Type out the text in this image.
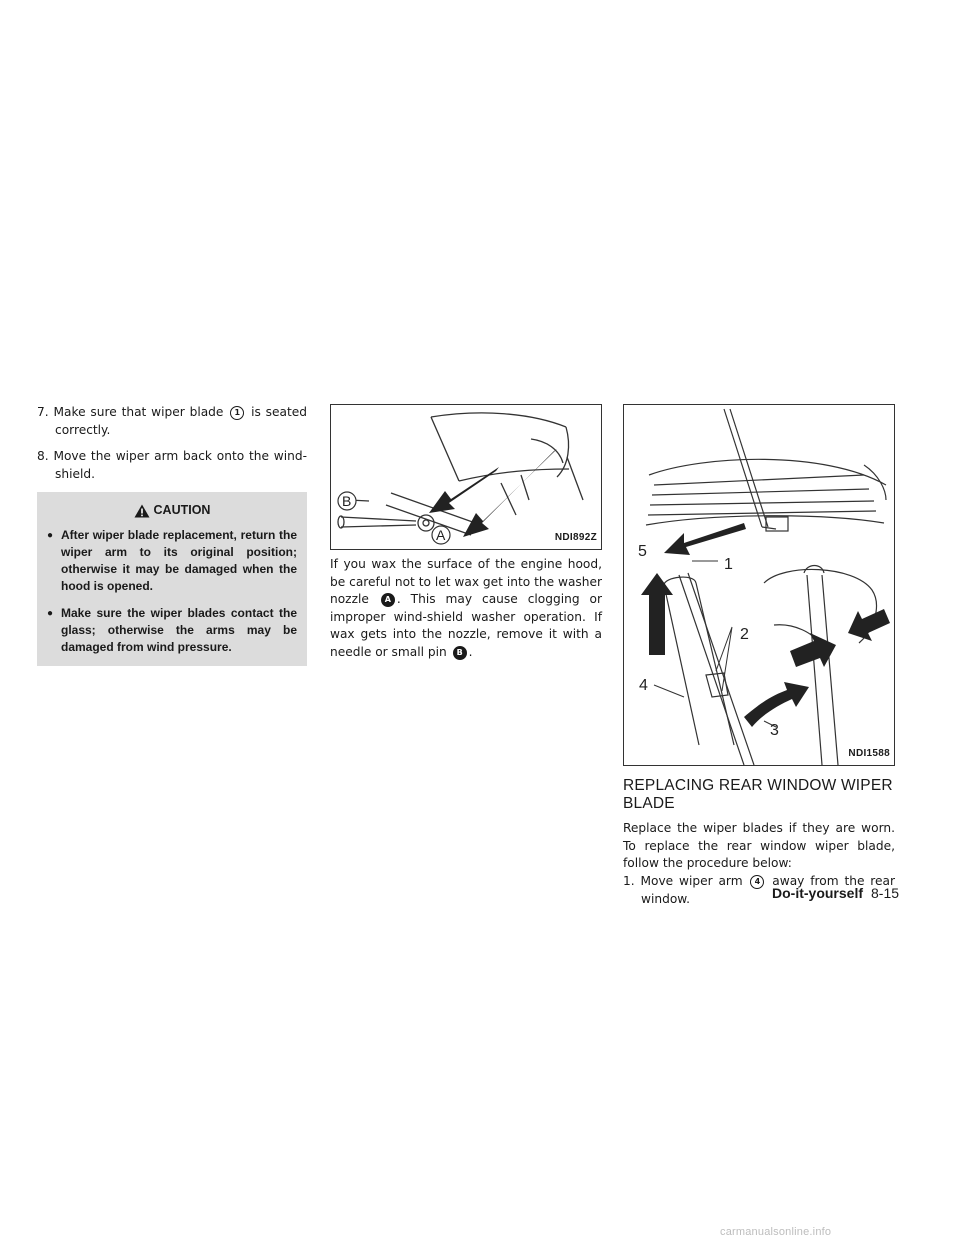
7. Make sure that wiper blade 1 is seated correctly.

8. Move the wiper arm back onto the wind-shield.

CAUTION
● After wiper blade replacement, return the wiper arm to its original position; otherwise it may be damaged when the hood is opened.
● Make sure the wiper blades contact the glass; otherwise the arms may be damaged from wind pressure.
B
A	NDI892Z

If you wax the surface of the engine hood, be careful not to let wax get into the washer nozzle A . This may cause clogging or improper wind-shield washer operation. If wax gets into the nozzle, remove it with a needle or small pin B .

1
2
3
4
5
NDI1588
REPLACING REAR WINDOW WIPER BLADE

Replace the wiper blades if they are worn. To replace the rear window wiper blade, follow the procedure below:

1. Move wiper arm 4 away from the rear window.	Do-it-yourself 8-15
carmanualsonline.info
